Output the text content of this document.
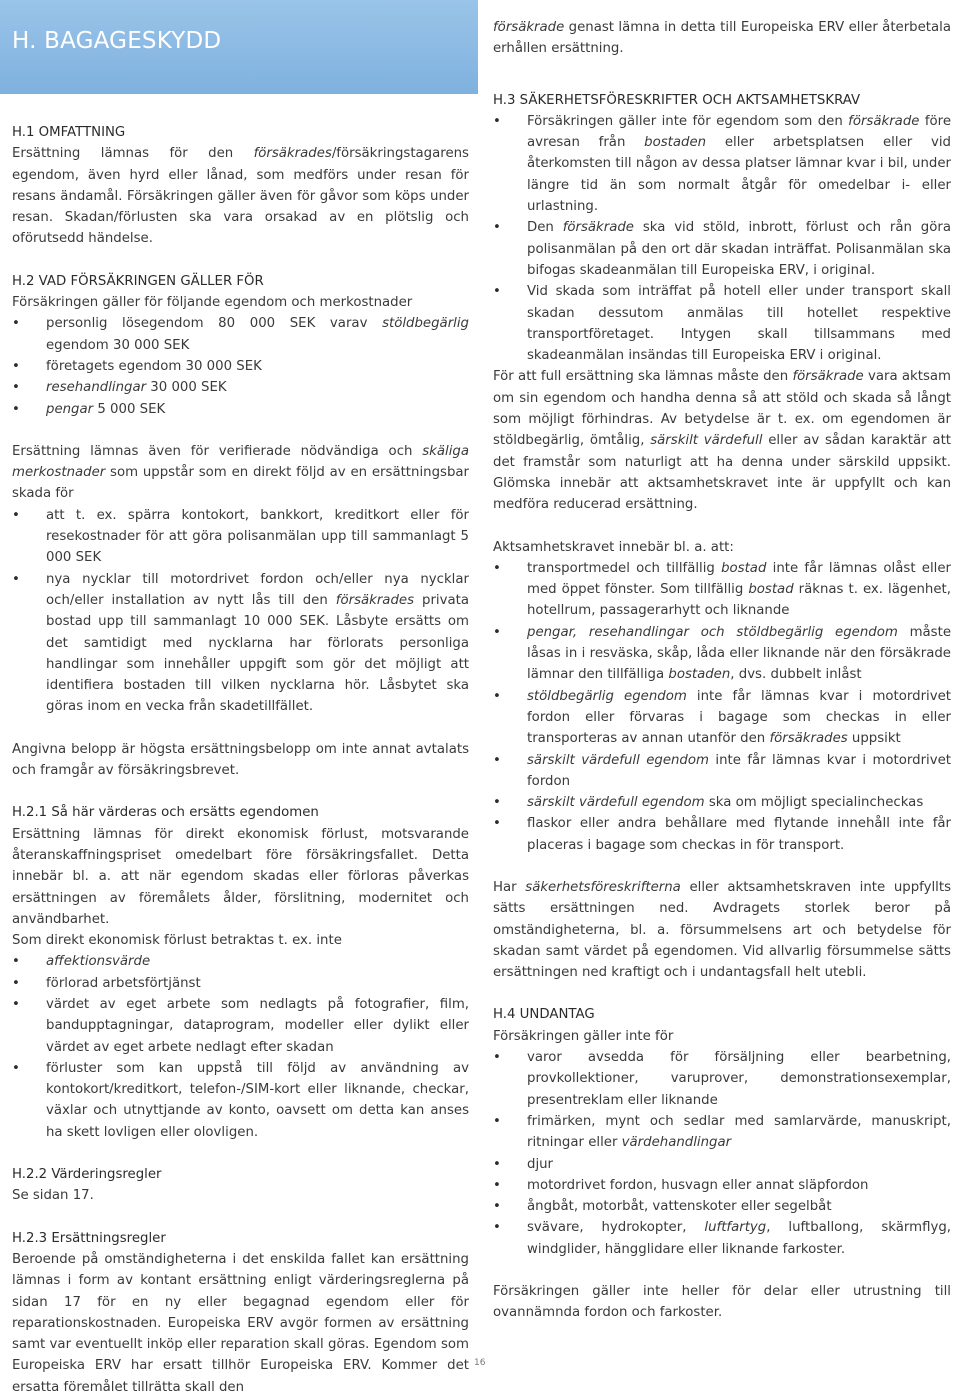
H. BAGAGESKYDD
H.1 OMFATTNING

Ersättning lämnas för den försäkrades/försäkringstagarens egendom, även hyrd eller lånad, som medförs under resan för resans ändamål. Försäkringen gäller även för gåvor som köps under resan. Skadan/förlusten ska vara orsakad av en plötslig och oförutsedd händelse.

H.2 VAD FÖRSÄKRINGEN GÄLLER FÖR

Försäkringen gäller för följande egendom och merkostnader

• personlig lösegendom 80 000 SEK varav stöldbegärlig egendom 30 000 SEK
• företagets egendom 30 000 SEK
• resehandlingar 30 000 SEK
• pengar 5 000 SEK

Ersättning lämnas även för verifierade nödvändiga och skäliga merkostnader som uppstår som en direkt följd av en ersättningsbar skada för

• att t. ex. spärra kontokort, bankkort, kreditkort eller för resekostnader för att göra polisanmälan upp till sammanlagt 5 000 SEK
• nya nycklar till motordrivet fordon och/eller nya nycklar och/eller installation av nytt lås till den försäkrades privata bostad upp till sammanlagt 10 000 SEK. Låsbyte ersätts om det samtidigt med nycklarna har förlorats personliga handlingar som innehåller uppgift som gör det möjligt att identifiera bostaden till vilken nycklarna hör. Låsbytet ska göras inom en vecka från skadetillfället.

Angivna belopp är högsta ersättningsbelopp om inte annat avtalats och framgår av försäkringsbrevet.

H.2.1 Så här värderas och ersätts egendomen

Ersättning lämnas för direkt ekonomisk förlust, motsvarande återanskaffningspriset omedelbart före försäkringsfallet. Detta innebär bl. a. att när egendom skadas eller förloras påverkas ersättningen av föremålets ålder, förslitning, modernitet och användbarhet.

Som direkt ekonomisk förlust betraktas t. ex. inte

• affektionsvärde
• förlorad arbetsförtjänst
• värdet av eget arbete som nedlagts på fotografier, film, bandupptagningar, dataprogram, modeller eller dylikt eller värdet av eget arbete nedlagt efter skadan
• förluster som kan uppstå till följd av användning av kontokort/kreditkort, telefon-/SIM-kort eller liknande, checkar, växlar och utnyttjande av konto, oavsett om detta kan anses ha skett lovligen eller olovligen.
H.2.2 Värderingsregler

Se sidan 17.

H.2.3 Ersättningsregler

Beroende på omständigheterna i det enskilda fallet kan ersättning lämnas i form av kontant ersättning enligt värderingsreglerna på sidan 17 för en ny eller begagnad egendom eller för reparationskostnaden. Europeiska ERV avgör formen av ersättning samt var eventuellt inköp eller reparation skall göras. Egendom som Europeiska ERV har ersatt tillhör Europeiska ERV. Kommer det ersatta föremålet tillrätta skall den

försäkrade genast lämna in detta till Europeiska ERV eller återbetala erhållen ersättning.

H.3 SÄKERHETSFÖRESKRIFTER OCH AKTSAMHETSKRAV
• Försäkringen gäller inte för egendom som den försäkrade före avresan från bostaden eller arbetsplatsen eller vid återkomsten till någon av dessa platser lämnar kvar i bil, under längre tid än som normalt åtgår för omedelbar i- eller urlastning.
• Den försäkrade ska vid stöld, inbrott, förlust och rån göra polisanmälan på den ort där skadan inträffat. Polisanmälan ska bifogas skadeanmälan till Europeiska ERV, i original.
• Vid skada som inträffat på hotell eller under transport skall skadan dessutom anmälas till hotellet respektive transportföretaget. Intygen skall tillsammans med skadeanmälan insändas till Europeiska ERV i original.

För att full ersättning ska lämnas måste den försäkrade vara aktsam om sin egendom och handha denna så att stöld och skada så långt som möjligt förhindras. Av betydelse är t. ex. om egendomen är stöldbegärlig, ömtålig, särskilt värdefull eller av sådan karaktär att det framstår som naturligt att ha denna under särskild uppsikt. Glömska innebär att aktsamhetskravet inte är uppfyllt och kan medföra reducerad ersättning.

Aktsamhetskravet innebär bl. a. att:

• transportmedel och tillfällig bostad inte får lämnas olåst eller med öppet fönster. Som tillfällig bostad räknas t. ex. lägenhet, hotellrum, passagerarhytt och liknande
• pengar, resehandlingar och stöldbegärlig egendom måste låsas in i resväska, skåp, låda eller liknande när den försäkrade lämnar den tillfälliga bostaden, dvs. dubbelt inlåst
• stöldbegärlig egendom inte får lämnas kvar i motordrivet fordon eller förvaras i bagage som checkas in eller transporteras av annan utanför den försäkrades uppsikt
• särskilt värdefull egendom inte får lämnas kvar i motordrivet fordon
• särskilt värdefull egendom ska om möjligt specialincheckas
• flaskor eller andra behållare med flytande innehåll inte får placeras i bagage som checkas in för transport.

Har säkerhetsföreskrifterna eller aktsamhetskraven inte uppfyllts sätts ersättningen ned. Avdragets storlek beror på omständigheterna, bl. a. försummelsens art och betydelse för skadan samt värdet på egendomen. Vid allvarlig försummelse sätts ersättningen ned kraftigt och i undantagsfall helt utebli.

H.4 UNDANTAG

Försäkringen gäller inte för

• varor avsedda för försäljning eller bearbetning, provkollektioner, varuprover, demonstrationsexemplar, presentreklam eller liknande
• frimärken, mynt och sedlar med samlarvärde, manuskript, ritningar eller värdehandlingar
• djur
• motordrivet fordon, husvagn eller annat släpfordon
• ångbåt, motorbåt, vattenskoter eller segelbåt
• svävare, hydrokopter, luftfartyg, luftballong, skärmflyg, windglider, hängglidare eller liknande farkoster.

Försäkringen gäller inte heller för delar eller utrustning till ovannämnda fordon och farkoster.

16
